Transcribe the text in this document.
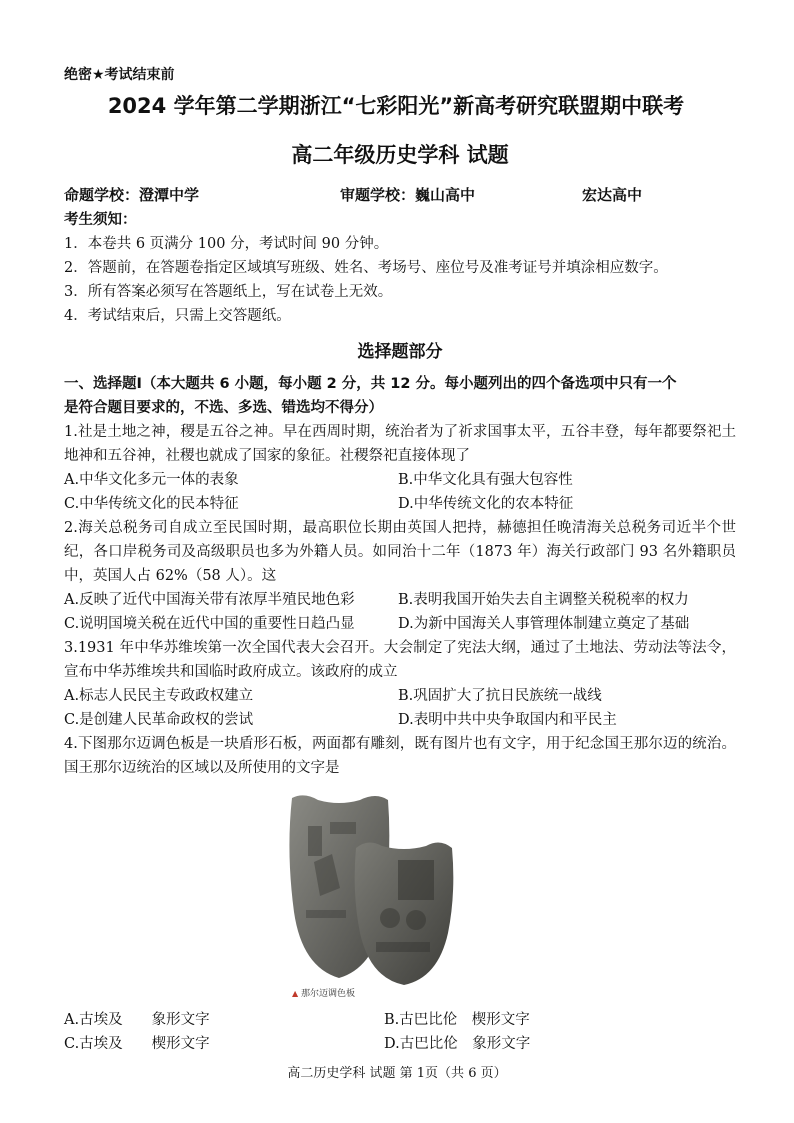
绝密★考试结束前
2024 学年第二学期浙江“七彩阳光”新高考研究联盟期中联考
高二年级历史学科 试题
命题学校：澄潭中学	审题学校：巍山高中	宏达高中
考生须知：
1．本卷共 6 页满分 100 分，考试时间 90 分钟。
2．答题前，在答题卷指定区域填写班级、姓名、考场号、座位号及准考证号并填涂相应数字。
3．所有答案必须写在答题纸上，写在试卷上无效。
4．考试结束后，只需上交答题纸。
选择题部分
一、选择题Ⅰ（本大题共 6 小题，每小题 2 分，共 12 分。每小题列出的四个备选项中只有一个
是符合题目要求的，不选、多选、错选均不得分）
1.社是土地之神，稷是五谷之神。早在西周时期，统治者为了祈求国事太平，五谷丰登，每年都要祭祀土地神和五谷神，社稷也就成了国家的象征。社稷祭祀直接体现了
A.中华文化多元一体的表象	B.中华文化具有强大包容性
C.中华传统文化的民本特征	D.中华传统文化的农本特征
2.海关总税务司自成立至民国时期，最高职位长期由英国人把持，赫德担任晚清海关总税务司近半个世纪，各口岸税务司及高级职员也多为外籍人员。如同治十二年（1873 年）海关行政部门 93 名外籍职员中，英国人占 62%（58 人）。这
A.反映了近代中国海关带有浓厚半殖民地色彩	B.表明我国开始失去自主调整关税税率的权力
C.说明国境关税在近代中国的重要性日趋凸显	D.为新中国海关人事管理体制建立奠定了基础
3.1931 年中华苏维埃第一次全国代表大会召开。大会制定了宪法大纲，通过了土地法、劳动法等法令，宣布中华苏维埃共和国临时政府成立。该政府的成立
A.标志人民民主专政政权建立	B.巩固扩大了抗日民族统一战线
C.是创建人民革命政权的尝试	D.表明中共中央争取国内和平民主
4.下图那尔迈调色板是一块盾形石板，两面都有雕刻，既有图片也有文字，用于纪念国王那尔迈的统治。国王那尔迈统治的区域以及所使用的文字是
▲ 那尔迈调色板
A.古埃及　　象形文字	B.古巴比伦　楔形文字
C.古埃及　　楔形文字	D.古巴比伦　象形文字
高二历史学科 试题 第 1页（共 6 页）
